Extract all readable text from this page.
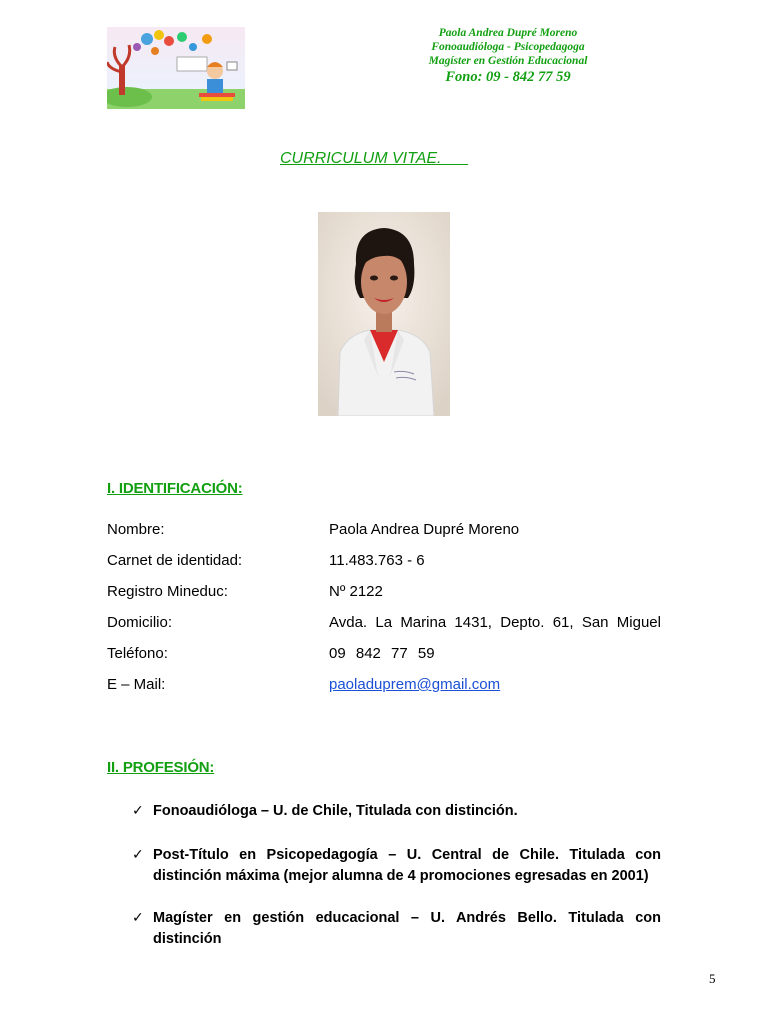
Paola Andrea Dupré Moreno
Fonoaudióloga - Psicopedagoga
Magíster en Gestión Educacional
Fono: 09 - 842 77 59
CURRICULUM VITAE.
I. IDENTIFICACIÓN:
Nombre:	Paola Andrea Dupré Moreno
Carnet de identidad:	11.483.763 - 6
Registro Mineduc:	Nº 2122
Domicilio:	Avda. La Marina 1431, Depto. 61, San Miguel
Teléfono:	09 842 77 59
E – Mail:	paoladuprem@gmail.com
II. PROFESIÓN:
✓ Fonoaudióloga – U. de Chile, Titulada con distinción.
✓ Post-Título en Psicopedagogía – U. Central de Chile. Titulada con distinción máxima (mejor alumna de 4 promociones egresadas en 2001)
✓ Magíster en gestión educacional – U. Andrés Bello. Titulada con distinción
5
